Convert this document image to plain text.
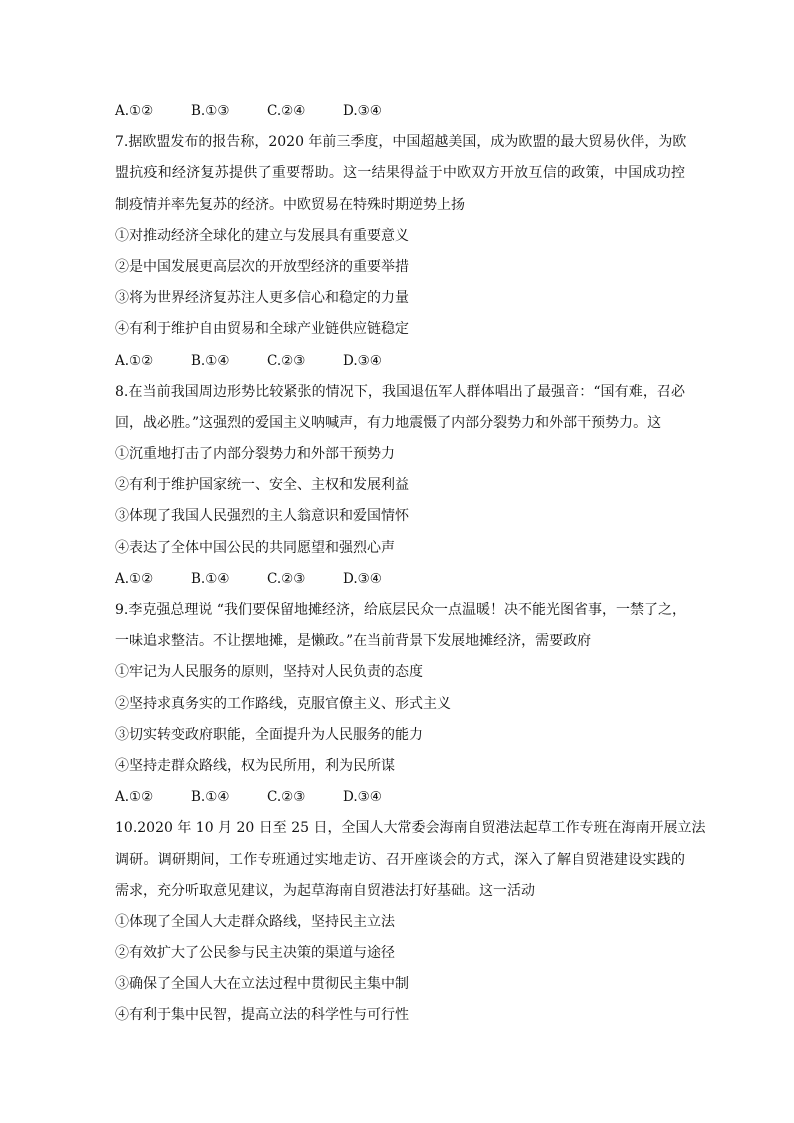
A.①②	B.①③	C.②④	D.③④
7.据欧盟发布的报告称，2020 年前三季度，中国超越美国，成为欧盟的最大贸易伙伴，为欧
盟抗疫和经济复苏提供了重要帮助。这一结果得益于中欧双方开放互信的政策，中国成功控
制疫情并率先复苏的经济。中欧贸易在特殊时期逆势上扬
①对推动经济全球化的建立与发展具有重要意义
②是中国发展更高层次的开放型经济的重要举措
③将为世界经济复苏注人更多信心和稳定的力量
④有利于维护自由贸易和全球产业链供应链稳定
A.①②	B.①④	C.②③	D.③④
8.在当前我国周边形势比较紧张的情况下，我国退伍军人群体唱出了最强音：“国有难，召必
回，战必胜。”这强烈的爱国主义呐喊声，有力地震慑了内部分裂势力和外部干预势力。这
①沉重地打击了内部分裂势力和外部干预势力
②有利于维护国家统一、安全、主权和发展利益
③体现了我国人民强烈的主人翁意识和爱国情怀
④表达了全体中国公民的共同愿望和强烈心声
A.①②	B.①④	C.②③	D.③④
9.李克强总理说 “我们要保留地摊经济，给底层民众一点温暖！决不能光图省事，一禁了之，
一味追求整洁。不让摆地摊，是懒政。”在当前背景下发展地摊经济，需要政府
①牢记为人民服务的原则，坚持对人民负责的态度
②坚持求真务实的工作路线，克服官僚主义、形式主义
③切实转变政府职能，全面提升为人民服务的能力
④坚持走群众路线，权为民所用，利为民所谋
A.①②	B.①④	C.②③	D.③④
10.2020 年 10 月 20 日至 25 日，全国人大常委会海南自贸港法起草工作专班在海南开展立法
调研。调研期间，工作专班通过实地走访、召开座谈会的方式，深入了解自贸港建设实践的
需求，充分听取意见建议，为起草海南自贸港法打好基础。这一活动
①体现了全国人大走群众路线，坚持民主立法
②有效扩大了公民参与民主决策的渠道与途径
③确保了全国人大在立法过程中贯彻民主集中制
④有利于集中民智，提高立法的科学性与可行性
